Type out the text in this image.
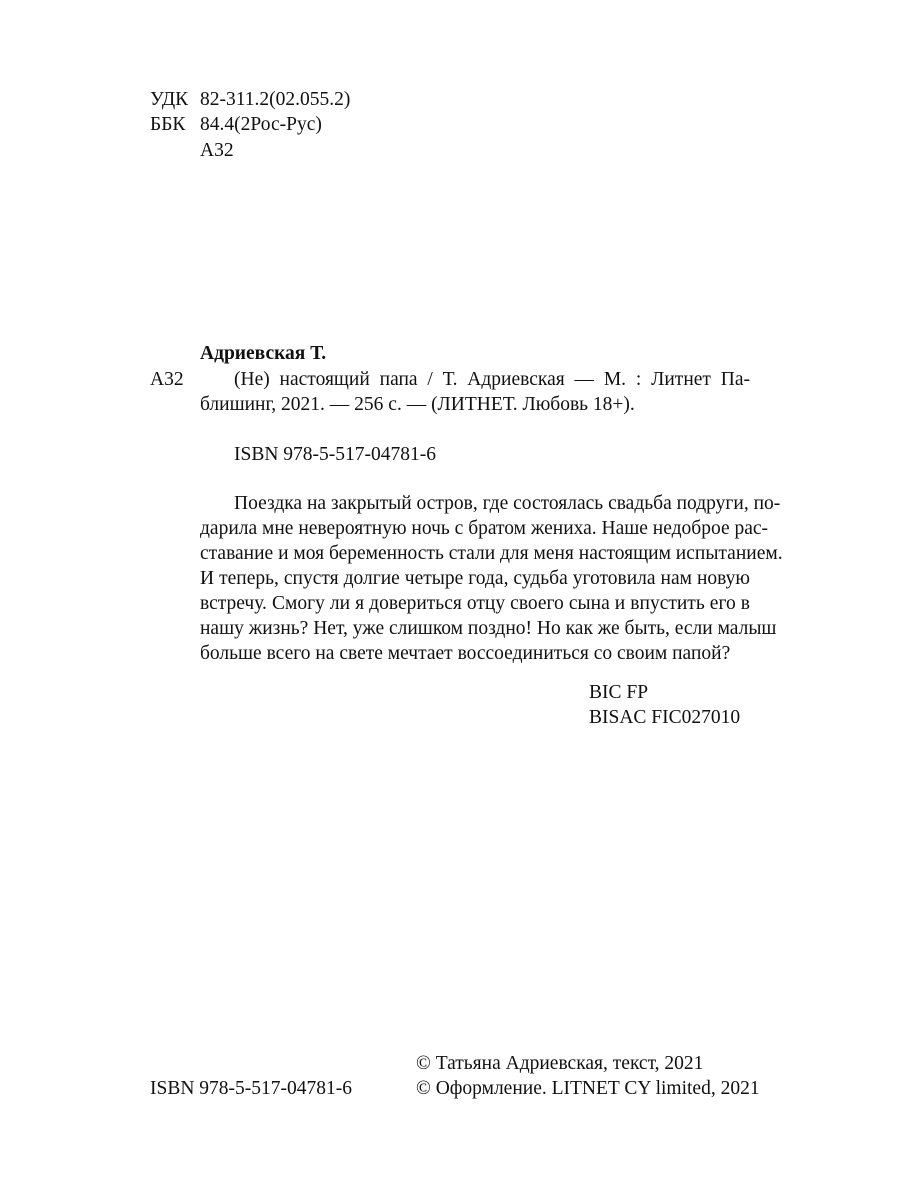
УДК 82-311.2(02.055.2)
ББК 84.4(2Рос-Рус)
А32
Адриевская Т.
А32	(Не) настоящий папа / Т. Адриевская — М. : Литнет Па-
блишинг, 2021. — 256 с. — (ЛИТНЕТ. Любовь 18+).
ISBN 978-5-517-04781-6
Поездка на закрытый остров, где состоялась свадьба подруги, по-
дарила мне невероятную ночь с братом жениха. Наше недоброе рас-
ставание и моя беременность стали для меня настоящим испытанием.
И теперь, спустя долгие четыре года, судьба уготовила нам новую
встречу. Смогу ли я довериться отцу своего сына и впустить его в
нашу жизнь? Нет, уже слишком поздно! Но как же быть, если малыш
больше всего на свете мечтает воссоединиться со своим папой?
BIC FP
BISAC FIC027010
© Татьяна Адриевская, текст, 2021
ISBN 978-5-517-04781-6	© Оформление. LITNET CY limited, 2021
